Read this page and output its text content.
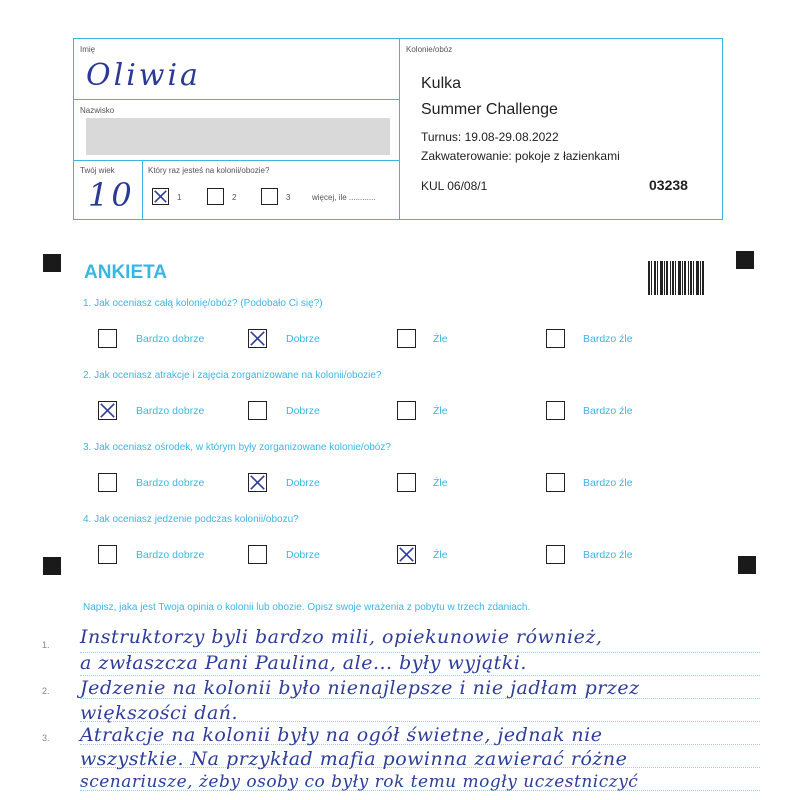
Imię
Oliwia
Nazwisko
Twój wiek
10
Który raz jesteś na kolonii/obozie?
1	2	3	więcej, ile ............
Kolonie/obóz
Kulka
Summer Challenge
Turnus: 19.08-29.08.2022
Zakwaterowanie: pokoje z łazienkami
KUL 06/08/1	03238
ANKIETA
1. Jak oceniasz całą kolonię/obóz? (Podobało Ci się?)
2. Jak oceniasz atrakcje i zajęcia zorganizowane na kolonii/obozie?
3. Jak oceniasz ośrodek, w którym były zorganizowane kolonie/obóz?
4. Jak oceniasz jedzenie podczas kolonii/obozu?
Bardzo dobrze	Dobrze	Źle	Bardzo źle
Bardzo dobrze	Dobrze	Źle	Bardzo źle
Bardzo dobrze	Dobrze	Źle	Bardzo źle
Bardzo dobrze	Dobrze	Źle	Bardzo źle
Napisz, jaka jest Twoja opinia o kolonii lub obozie. Opisz swoje wrażenia z pobytu w trzech zdaniach.
1.
2.
3.
Instruktorzy byli bardzo mili, opiekunowie również,
a zwłaszcza Pani Paulina, ale... były wyjątki.
Jedzenie na kolonii było nienajlepsze i nie jadłam przez
większości dań.
Atrakcje na kolonii były na ogół świetne, jednak nie
wszystkie. Na przykład mafia powinna zawierać różne
scenariusze, żeby osoby co były rok temu mogły uczestniczyć
